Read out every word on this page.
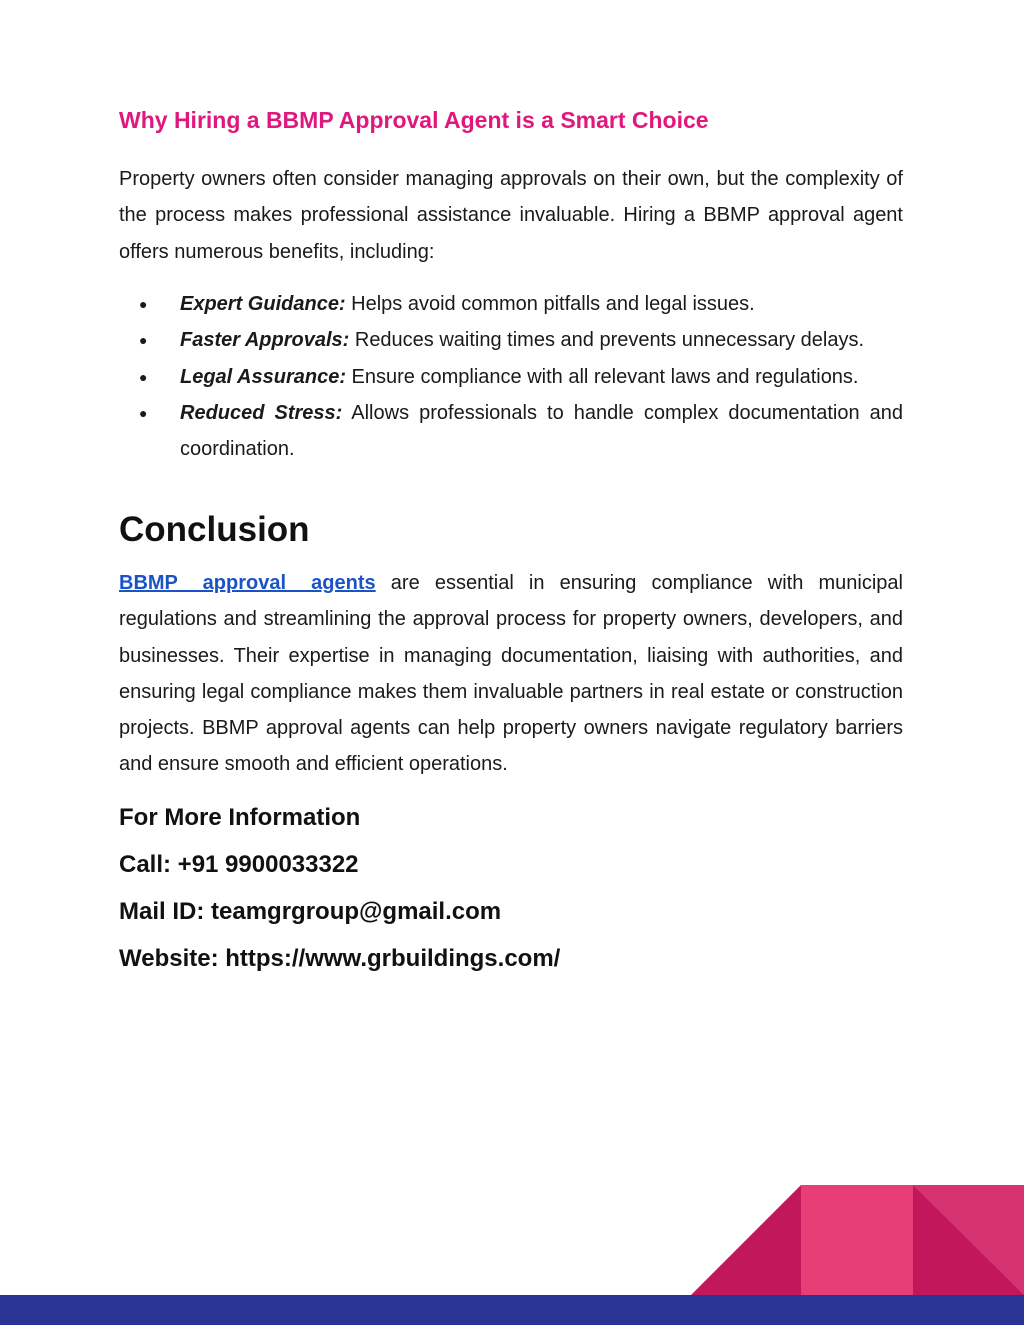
Why Hiring a BBMP Approval Agent is a Smart Choice

Property owners often consider managing approvals on their own, but the complexity of the process makes professional assistance invaluable. Hiring a BBMP approval agent offers numerous benefits, including:

● Expert Guidance: Helps avoid common pitfalls and legal issues.
● Faster Approvals: Reduces waiting times and prevents unnecessary delays.
● Legal Assurance: Ensure compliance with all relevant laws and regulations.
● Reduced Stress: Allows professionals to handle complex documentation and coordination.
Conclusion

BBMP approval agents are essential in ensuring compliance with municipal regulations and streamlining the approval process for property owners, developers, and businesses. Their expertise in managing documentation, liaising with authorities, and ensuring legal compliance makes them invaluable partners in real estate or construction projects. BBMP approval agents can help property owners navigate regulatory barriers and ensure smooth and efficient operations.

For More Information

Call: +91 9900033322

Mail ID: teamgrgroup@gmail.com

Website: https://www.grbuildings.com/
